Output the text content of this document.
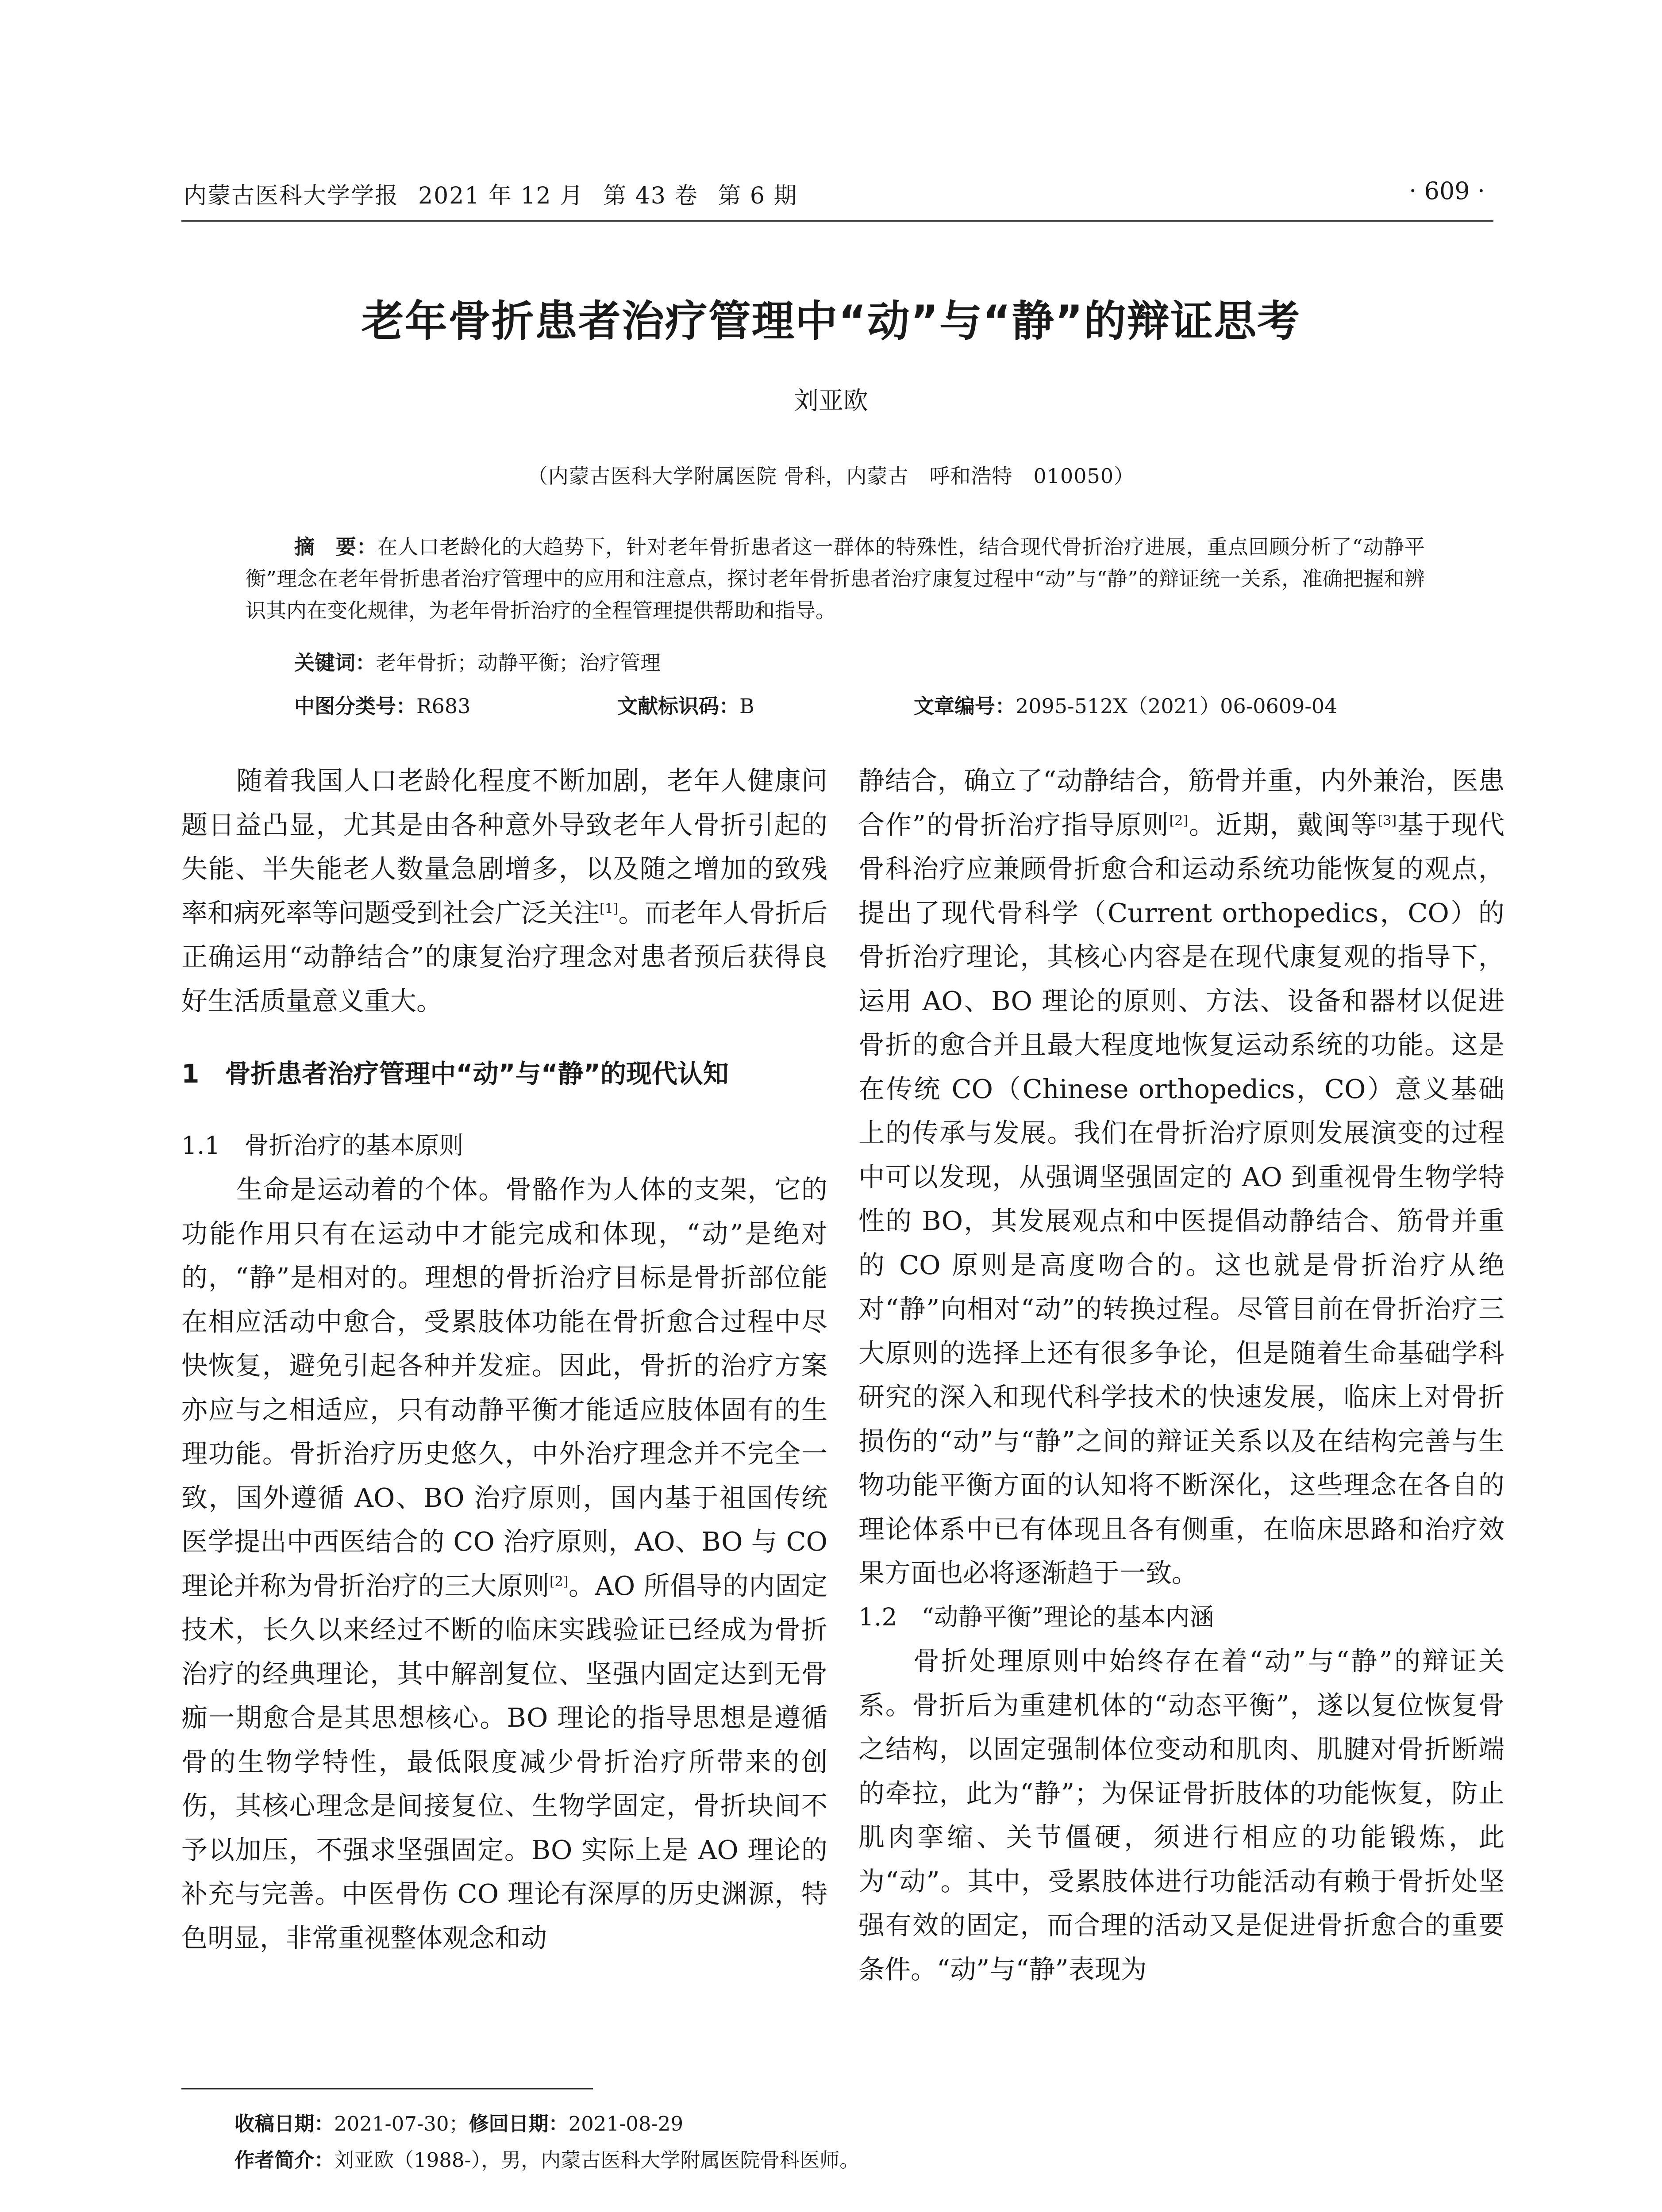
内蒙古医科大学学报 2021 年 12 月 第 43 卷 第 6 期	· 609 ·
老年骨折患者治疗管理中“动”与“静”的辩证思考
刘亚欧
（内蒙古医科大学附属医院 骨科，内蒙古　呼和浩特　010050）
摘　要：在人口老龄化的大趋势下，针对老年骨折患者这一群体的特殊性，结合现代骨折治疗进展，重点回顾分析了“动静平衡”理念在老年骨折患者治疗管理中的应用和注意点，探讨老年骨折患者治疗康复过程中“动”与“静”的辩证统一关系，准确把握和辨识其内在变化规律，为老年骨折治疗的全程管理提供帮助和指导。
关键词：老年骨折；动静平衡；治疗管理
中图分类号：R683	文献标识码：B	文章编号：2095-512X（2021）06-0609-04

随着我国人口老龄化程度不断加剧，老年人健康问题日益凸显，尤其是由各种意外导致老年人骨折引起的失能、半失能老人数量急剧增多，以及随之增加的致残率和病死率等问题受到社会广泛关注[1]。而老年人骨折后正确运用“动静结合”的康复治疗理念对患者预后获得良好生活质量意义重大。

1　骨折患者治疗管理中“动”与“静”的现代认知

1.1　骨折治疗的基本原则

生命是运动着的个体。骨骼作为人体的支架，它的功能作用只有在运动中才能完成和体现，“动”是绝对的，“静”是相对的。理想的骨折治疗目标是骨折部位能在相应活动中愈合，受累肢体功能在骨折愈合过程中尽快恢复，避免引起各种并发症。因此，骨折的治疗方案亦应与之相适应，只有动静平衡才能适应肢体固有的生理功能。骨折治疗历史悠久，中外治疗理念并不完全一致，国外遵循 AO、BO 治疗原则，国内基于祖国传统医学提出中西医结合的 CO 治疗原则，AO、BO 与 CO 理论并称为骨折治疗的三大原则[2]。AO 所倡导的内固定技术，长久以来经过不断的临床实践验证已经成为骨折治疗的经典理论，其中解剖复位、坚强内固定达到无骨痂一期愈合是其思想核心。BO 理论的指导思想是遵循骨的生物学特性，最低限度减少骨折治疗所带来的创伤，其核心理念是间接复位、生物学固定，骨折块间不予以加压，不强求坚强固定。BO 实际上是 AO 理论的补充与完善。中医骨伤 CO 理论有深厚的历史渊源，特色明显，非常重视整体观念和动

静结合，确立了“动静结合，筋骨并重，内外兼治，医患合作”的骨折治疗指导原则[2]。近期，戴闽等[3]基于现代骨科治疗应兼顾骨折愈合和运动系统功能恢复的观点，提出了现代骨科学（Current orthopedics，CO）的骨折治疗理论，其核心内容是在现代康复观的指导下，运用 AO、BO 理论的原则、方法、设备和器材以促进骨折的愈合并且最大程度地恢复运动系统的功能。这是在传统 CO（Chinese orthopedics，CO）意义基础上的传承与发展。我们在骨折治疗原则发展演变的过程中可以发现，从强调坚强固定的 AO 到重视骨生物学特性的 BO，其发展观点和中医提倡动静结合、筋骨并重的 CO 原则是高度吻合的。这也就是骨折治疗从绝对“静”向相对“动”的转换过程。尽管目前在骨折治疗三大原则的选择上还有很多争论，但是随着生命基础学科研究的深入和现代科学技术的快速发展，临床上对骨折损伤的“动”与“静”之间的辩证关系以及在结构完善与生物功能平衡方面的认知将不断深化，这些理念在各自的理论体系中已有体现且各有侧重，在临床思路和治疗效果方面也必将逐渐趋于一致。

1.2　“动静平衡”理论的基本内涵

骨折处理原则中始终存在着“动”与“静”的辩证关系。骨折后为重建机体的“动态平衡”，遂以复位恢复骨之结构，以固定强制体位变动和肌肉、肌腱对骨折断端的牵拉，此为“静”；为保证骨折肢体的功能恢复，防止肌肉挛缩、关节僵硬，须进行相应的功能锻炼，此为“动”。其中，受累肢体进行功能活动有赖于骨折处坚强有效的固定，而合理的活动又是促进骨折愈合的重要条件。“动”与“静”表现为

收稿日期：2021-07-30；修回日期：2021-08-29
作者简介：刘亚欧（1988-），男，内蒙古医科大学附属医院骨科医师。
